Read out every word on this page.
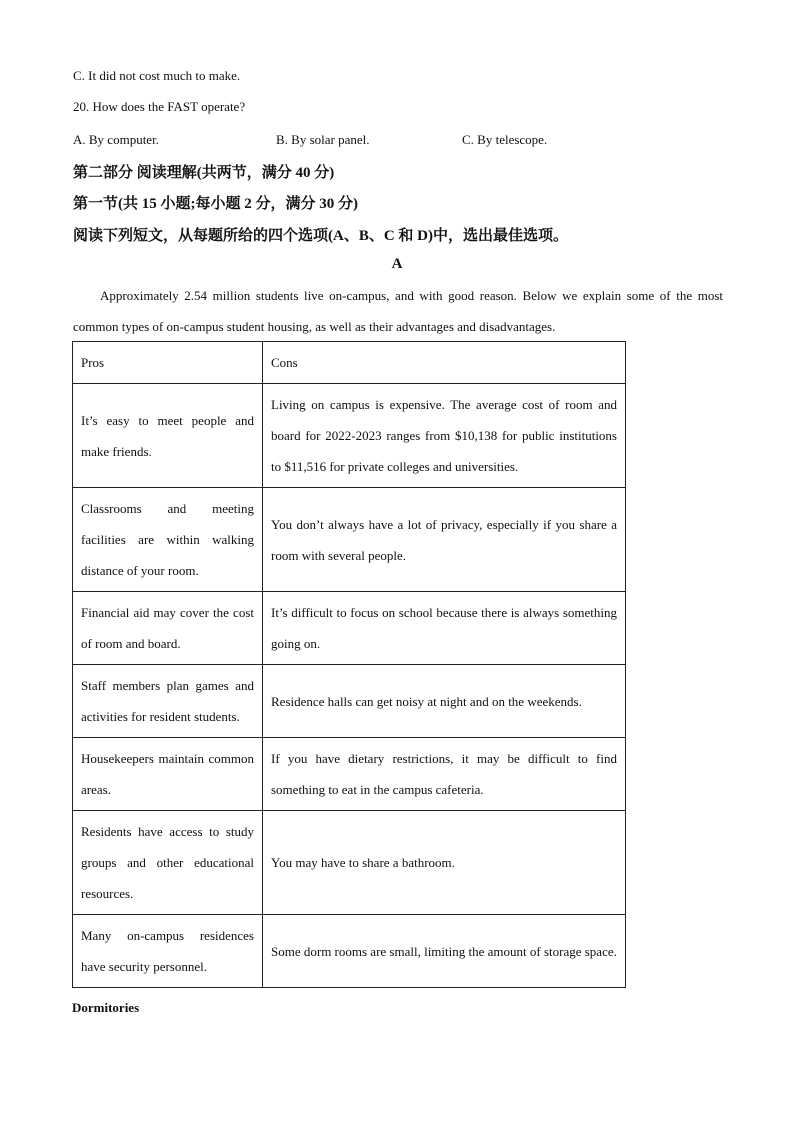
C. It did not cost much to make.
20. How does the FAST operate?
A. By computer.	B. By solar panel.	C. By telescope.
第二部分 阅读理解(共两节，满分 40 分)
第一节(共 15 小题;每小题 2 分，满分 30 分)
阅读下列短文，从每题所给的四个选项(A、B、C 和 D)中，选出最佳选项。
A
Approximately 2.54 million students live on-campus, and with good reason. Below we explain some of the most common types of on-campus student housing, as well as their advantages and disadvantages.
Pros	Cons
It’s easy to meet people and make friends.	Living on campus is expensive. The average cost of room and board for 2022-2023 ranges from $10,138 for public institutions to $11,516 for private colleges and universities.
Classrooms and meeting facilities are within walking distance of your room.	You don’t always have a lot of privacy, especially if you share a room with several people.
Financial aid may cover the cost of room and board.	It’s difficult to focus on school because there is always something going on.
Staff members plan games and activities for resident students.	Residence halls can get noisy at night and on the weekends.
Housekeepers maintain common areas.	If you have dietary restrictions, it may be difficult to find something to eat in the campus cafeteria.
Residents have access to study groups and other educational resources.	You may have to share a bathroom.
Many on-campus residences have security personnel.	Some dorm rooms are small, limiting the amount of storage space.
Dormitories
